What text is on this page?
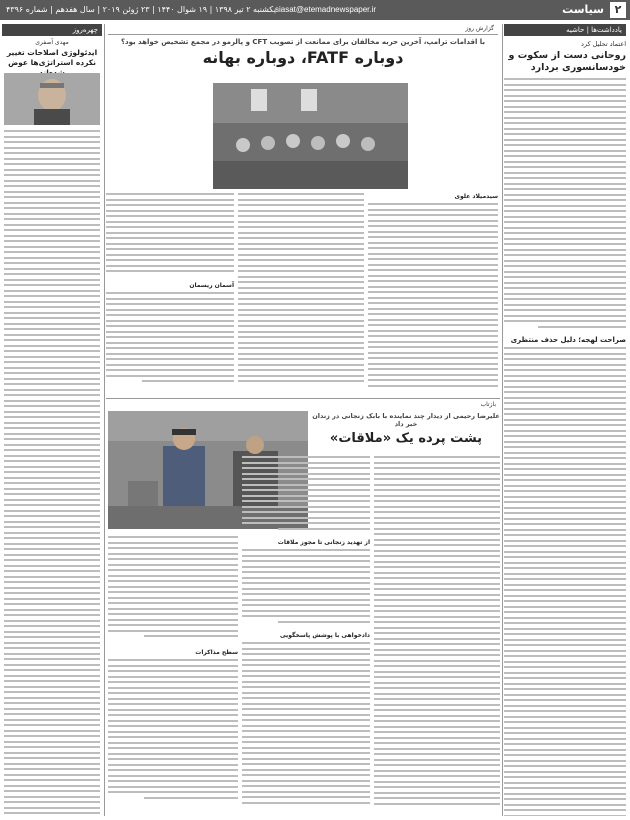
۲
سیاست
siasat@etemadnewspaper.ir
یکشنبه ۲ تیر ۱۳۹۸ | ۱۹ شوال ۱۴۴۰ | ۲۳ ژوئن ۲۰۱۹ | سال هفدهم | شماره ۴۳۹۶
یادداشت‌ها | حاشیه
اعتماد تحلیل کرد
روحانی دست از سکوت و خودسانسوری بردارد
صراحت لهجه؛ دلیل حذف منتظری
گزارش روز
با اقدامات ترامپ، آخرین حربه مخالفان برای ممانعت از تصویب CFT و پالرمو در مجمع تشخیص خواهد بود؟
دوباره FATF، دوباره بهانه
سیدمیلاد علوی
آسمان ریسمان
بازتاب
علیرضا رحیمی از دیدار چند نماینده با بابک زنجانی در زندان خبر داد
پشت پرده یک «ملاقات»
از تهدید زنجانی تا مجوز ملاقات
دادخواهی با پوشش پاسخگویی
سطح مذاکرات
چهره‌روز
مهدی آصفری
ایدئولوژی اصلاحات تغییر نکرده استراتژی‌ها عوض
